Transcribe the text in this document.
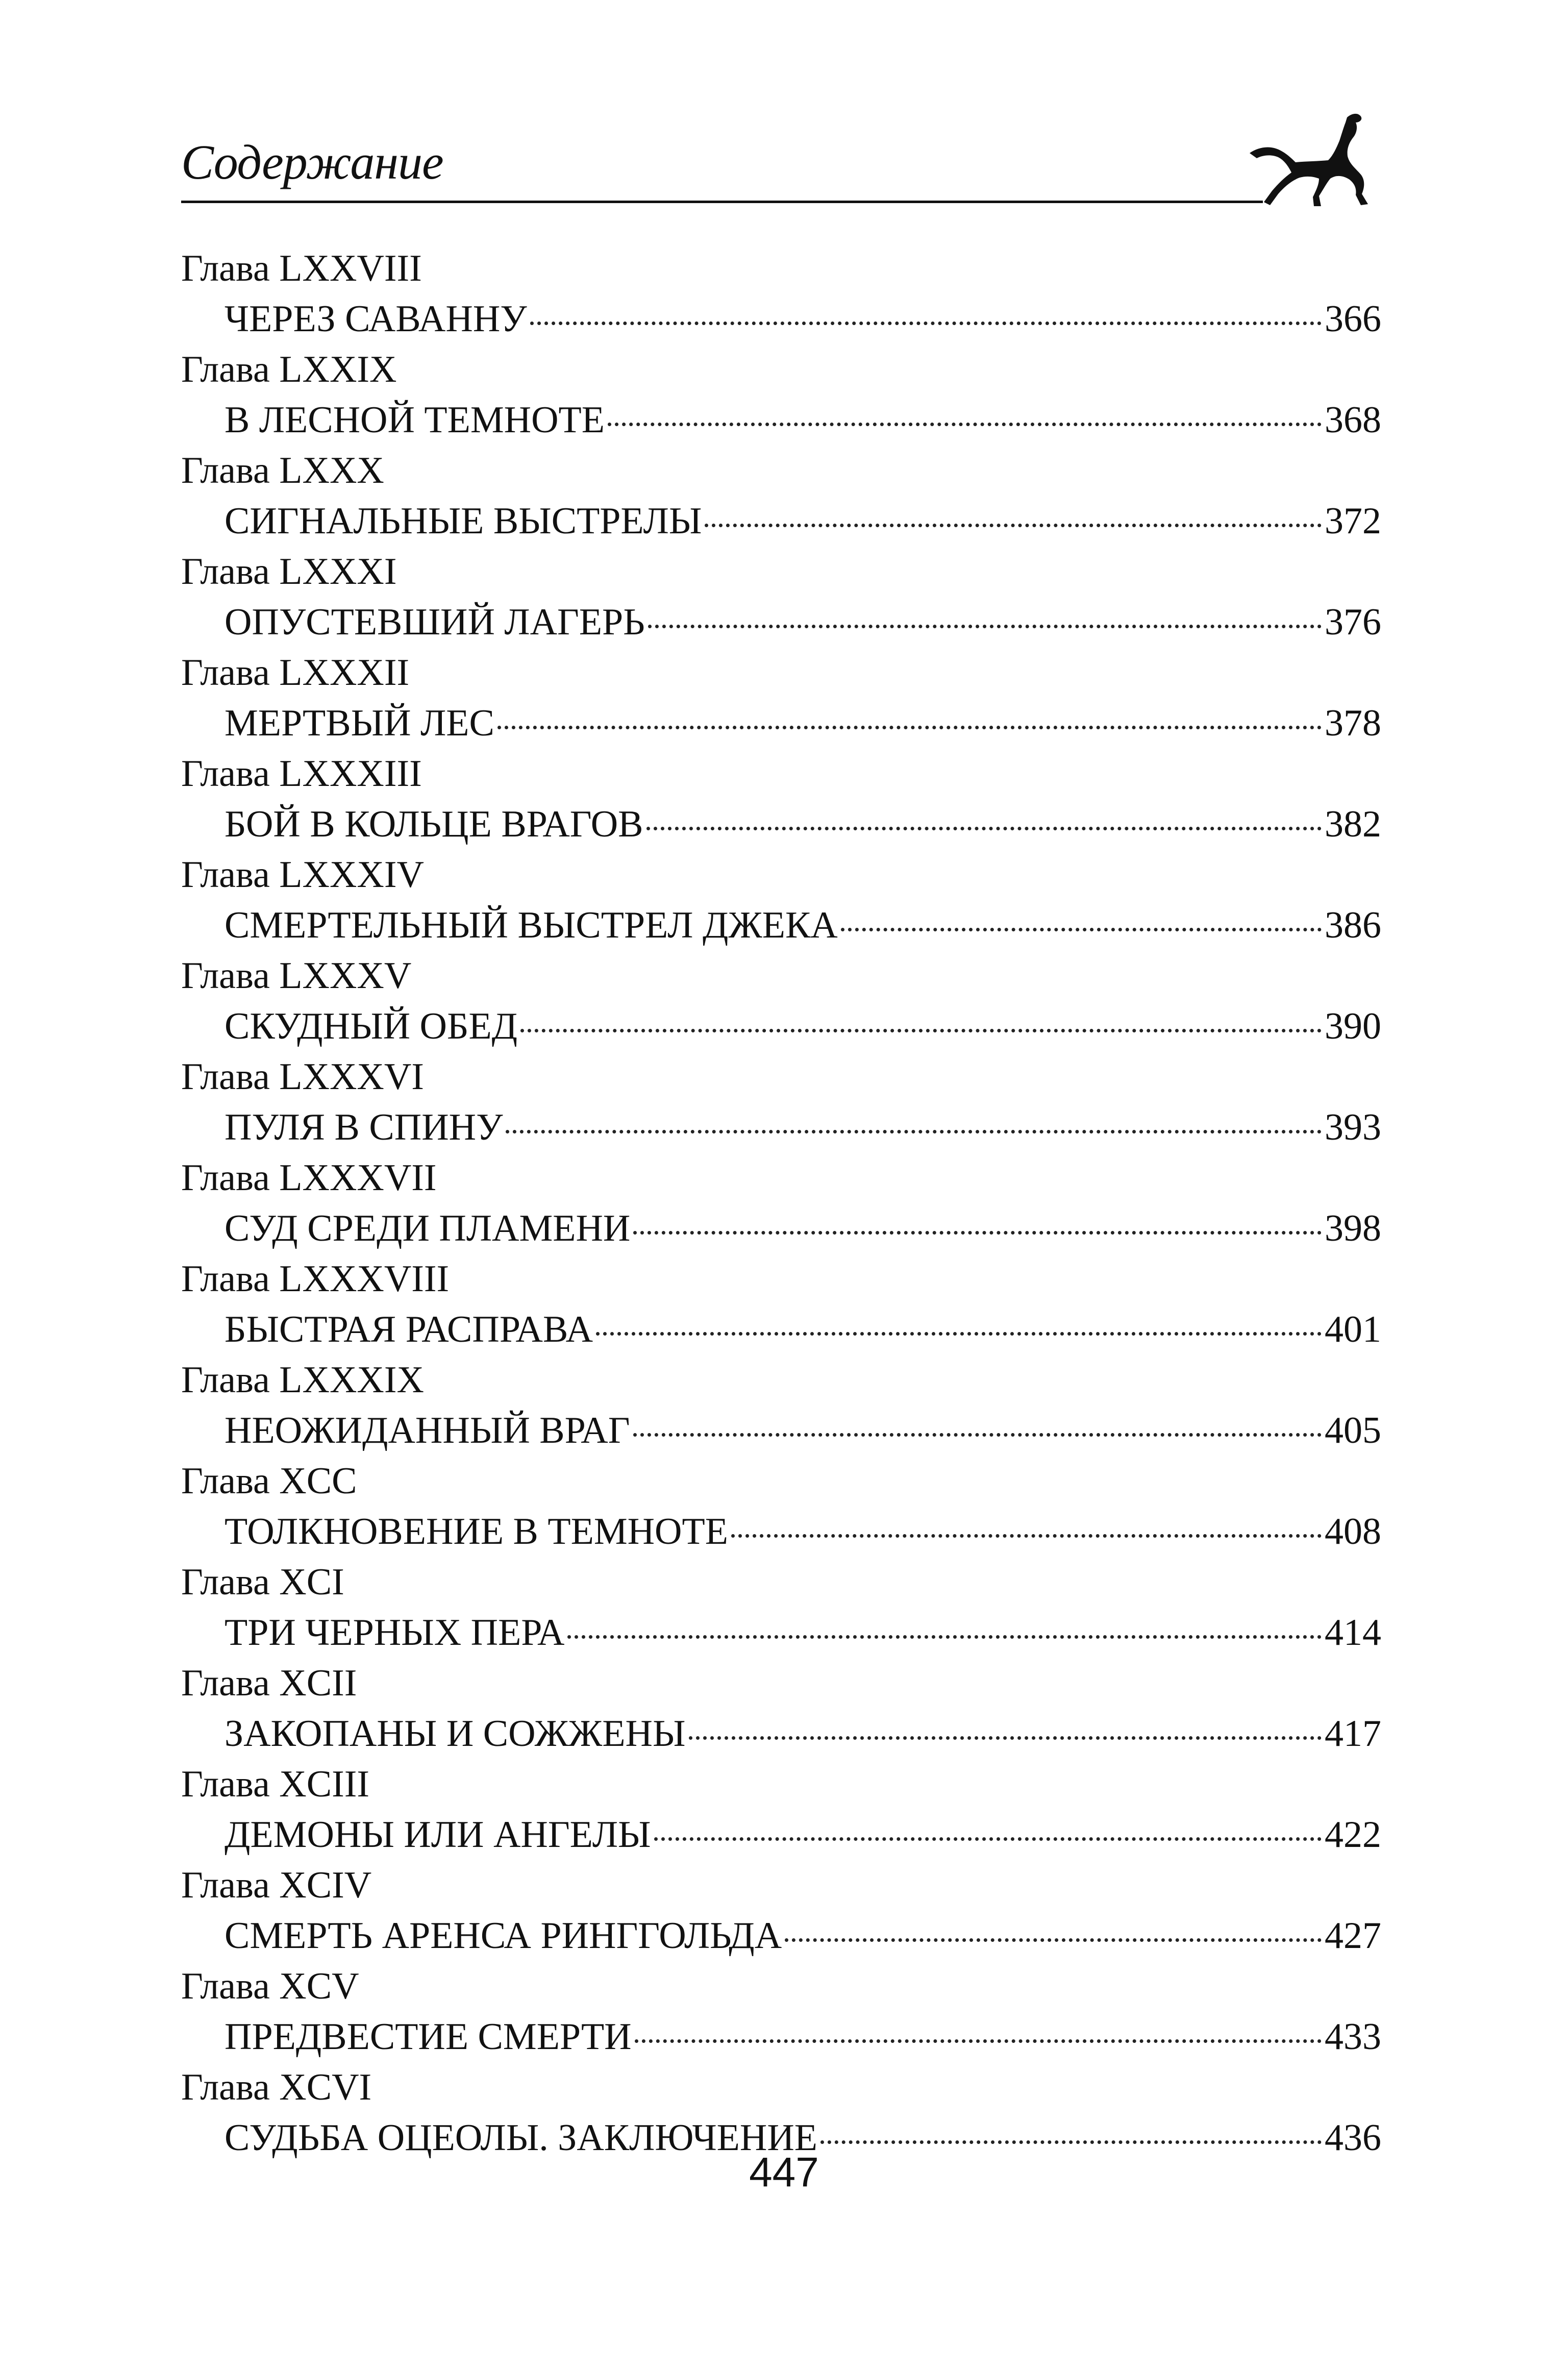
Содержание
Глава LXXVIII
ЧЕРЕЗ САВАННУ	366
Глава LXXIX
В ЛЕСНОЙ ТЕМНОТЕ	368
Глава LXXX
СИГНАЛЬНЫЕ ВЫСТРЕЛЫ	372
Глава LXXXI
ОПУСТЕВШИЙ ЛАГЕРЬ	376
Глава LXXXII
МЕРТВЫЙ ЛЕС	378
Глава LXXXIII
БОЙ В КОЛЬЦЕ ВРАГОВ	382
Глава LXXXIV
СМЕРТЕЛЬНЫЙ ВЫСТРЕЛ ДЖЕКА	386
Глава LXXXV
СКУДНЫЙ ОБЕД	390
Глава LXXXVI
ПУЛЯ В СПИНУ	393
Глава LXXXVII
СУД СРЕДИ ПЛАМЕНИ	398
Глава LXXXVIII
БЫСТРАЯ РАСПРАВА	401
Глава LXXXIX
НЕОЖИДАННЫЙ ВРАГ	405
Глава XCC
ТОЛКНОВЕНИЕ В ТЕМНОТЕ	408
Глава XCI
ТРИ ЧЕРНЫХ ПЕРА	414
Глава XCII
ЗАКОПАНЫ И СОЖЖЕНЫ	417
Глава XCIII
ДЕМОНЫ ИЛИ АНГЕЛЫ	422
Глава XCIV
СМЕРТЬ АРЕНСА РИНГГОЛЬДА	427
Глава XCV
ПРЕДВЕСТИЕ СМЕРТИ	433
Глава XCVI
СУДЬБА ОЦЕОЛЫ. ЗАКЛЮЧЕНИЕ	436
447
